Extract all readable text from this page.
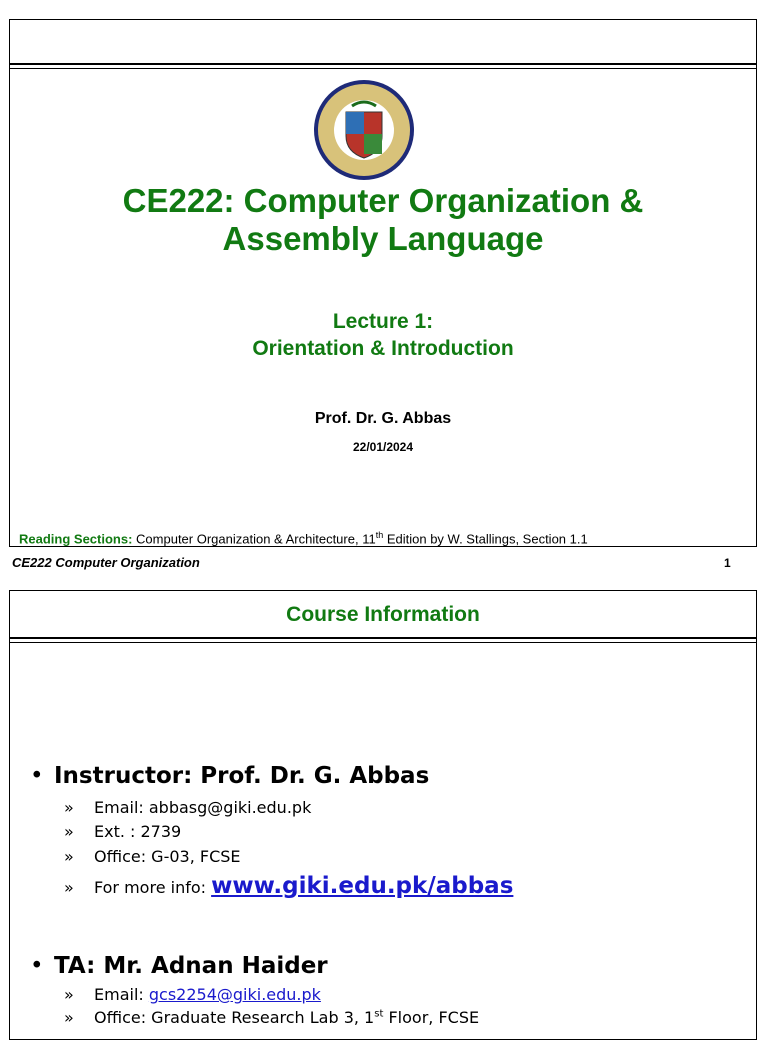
CE222: Computer Organization &
Assembly Language
Lecture 1:
Orientation & Introduction
Prof. Dr. G. Abbas
22/01/2024
Reading Sections: Computer Organization & Architecture, 11th Edition by W. Stallings, Section 1.1
CE222 Computer Organization	1
Course Information
• Instructor: Prof. Dr. G. Abbas
» Email: abbasg@giki.edu.pk
» Ext. : 2739
» Office: G-03, FCSE
» For more info: www.giki.edu.pk/abbas
• TA: Mr. Adnan Haider
» Email: gcs2254@giki.edu.pk
» Office: Graduate Research Lab 3, 1st Floor, FCSE
